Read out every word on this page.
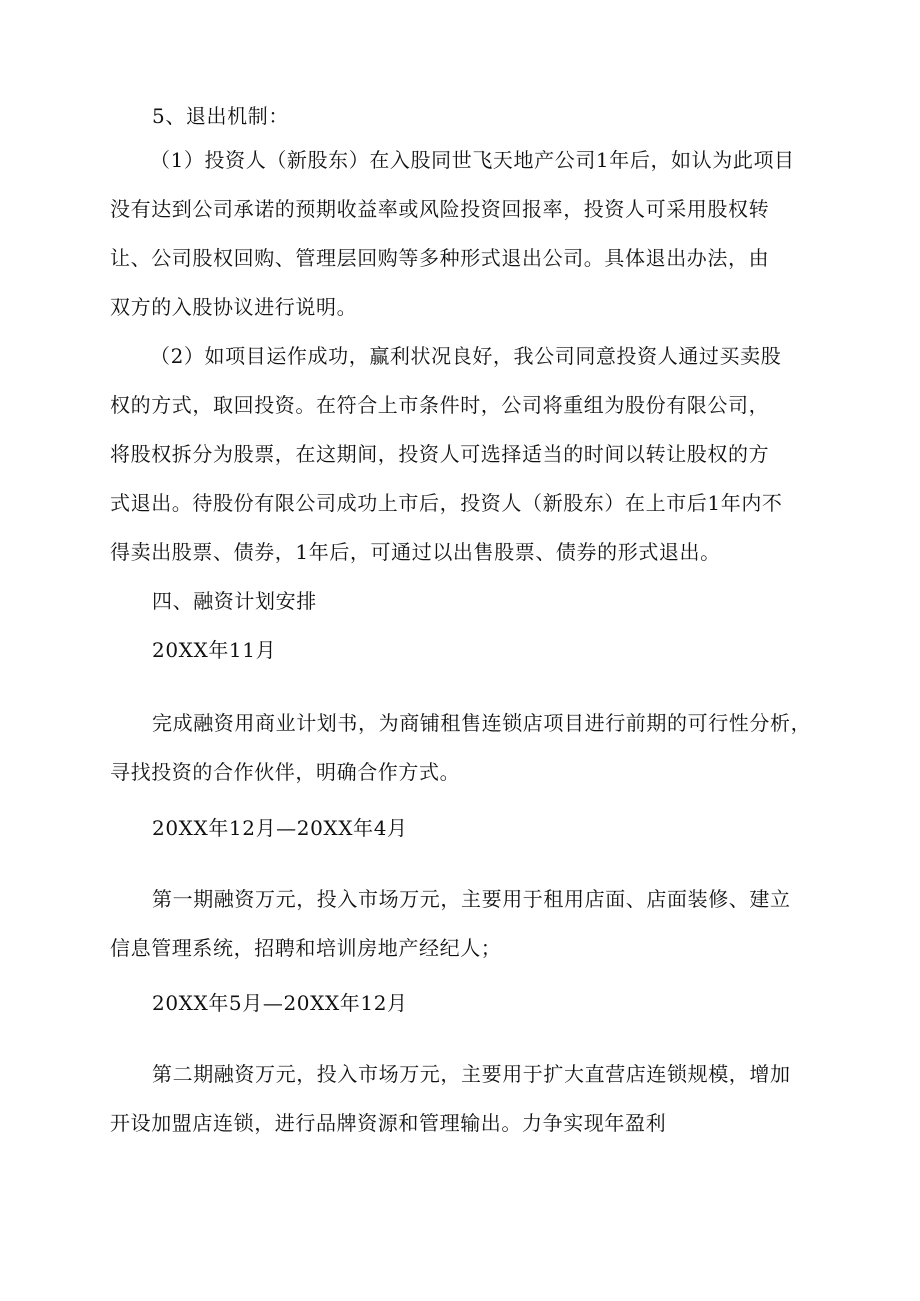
5、退出机制：
（1）投资人（新股东）在入股同世飞天地产公司1年后，如认为此项目
没有达到公司承诺的预期收益率或风险投资回报率，投资人可采用股权转
让、公司股权回购、管理层回购等多种形式退出公司。具体退出办法，由
双方的入股协议进行说明。
（2）如项目运作成功，赢利状况良好，我公司同意投资人通过买卖股
权的方式，取回投资。在符合上市条件时，公司将重组为股份有限公司，
将股权拆分为股票，在这期间，投资人可选择适当的时间以转让股权的方
式退出。待股份有限公司成功上市后，投资人（新股东）在上市后1年内不
得卖出股票、债券，1年后，可通过以出售股票、债券的形式退出。
四、融资计划安排
20XX年11月
完成融资用商业计划书，为商铺租售连锁店项目进行前期的可行性分析，
寻找投资的合作伙伴，明确合作方式。
20XX年12月—20XX年4月
第一期融资万元，投入市场万元，主要用于租用店面、店面装修、建立
信息管理系统，招聘和培训房地产经纪人；
20XX年5月—20XX年12月
第二期融资万元，投入市场万元，主要用于扩大直营店连锁规模，增加
开设加盟店连锁，进行品牌资源和管理输出。力争实现年盈利
